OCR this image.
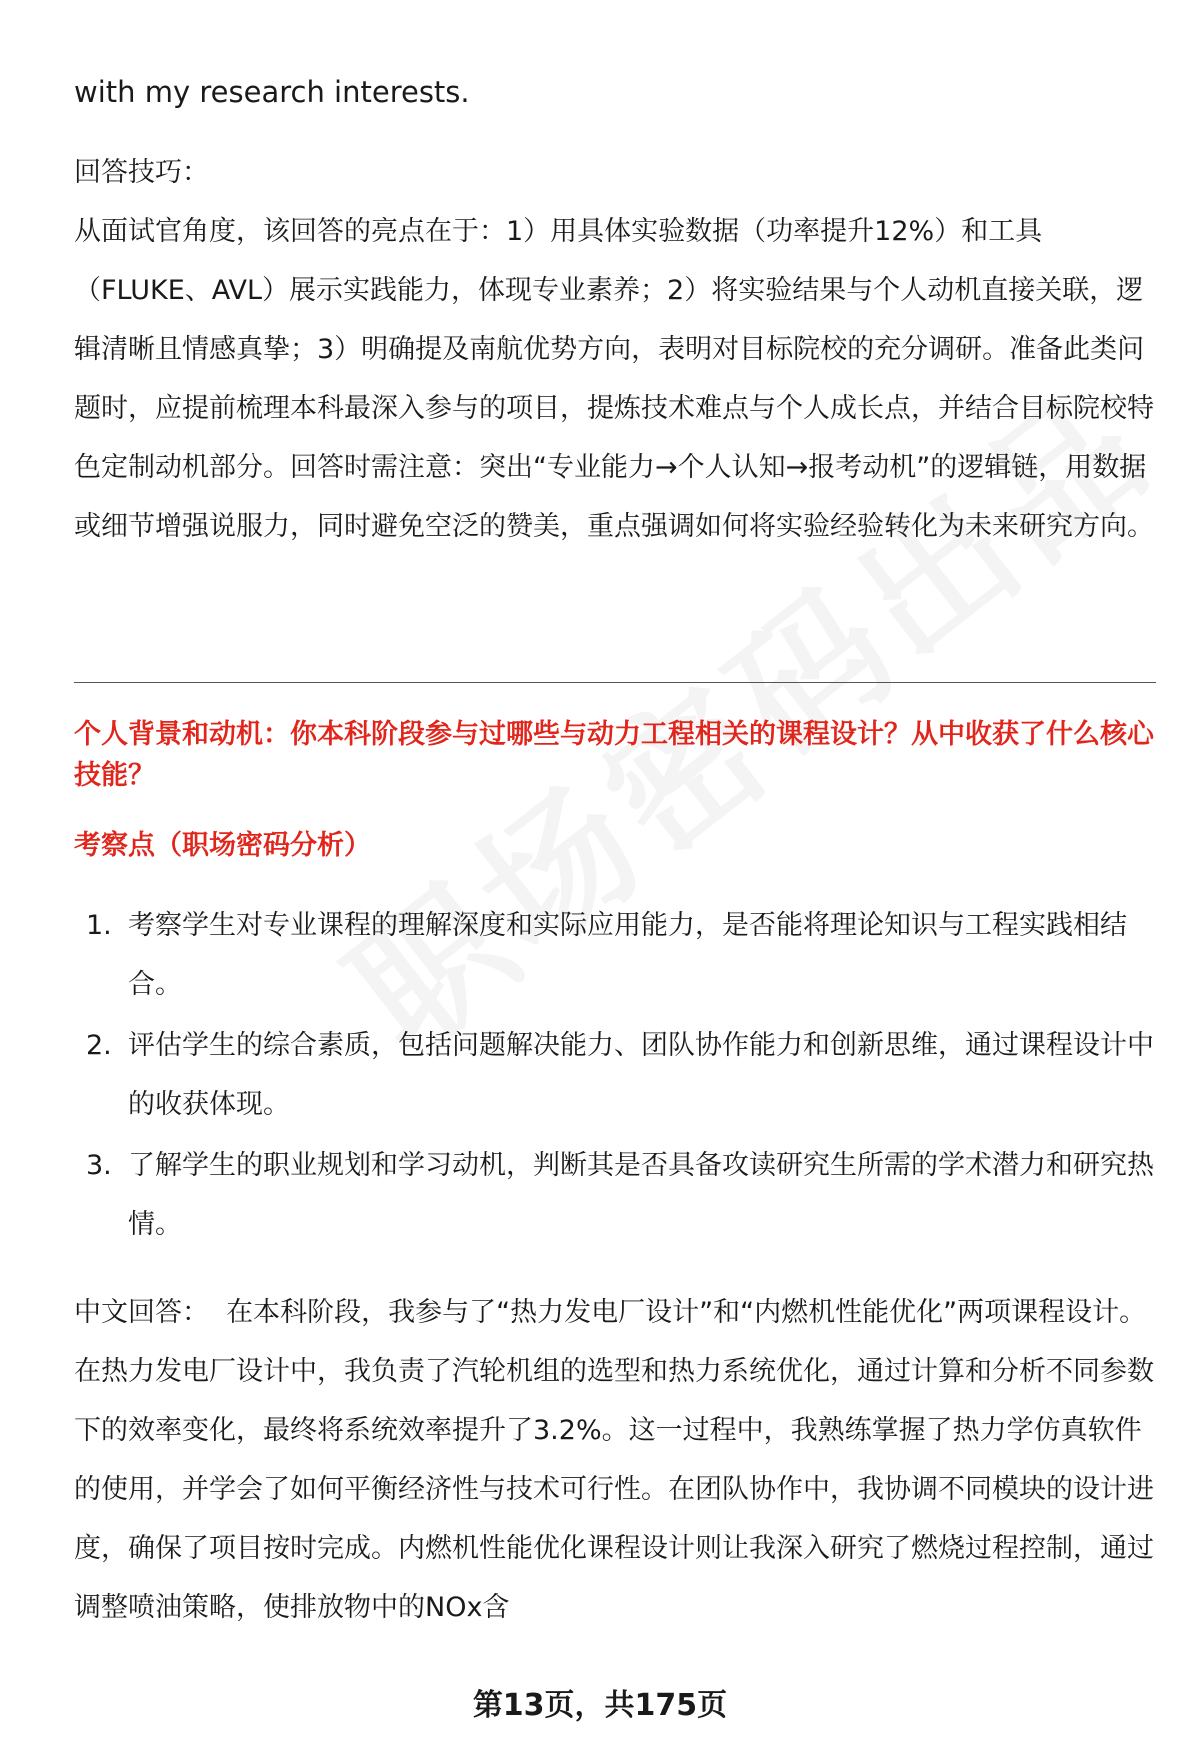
with my research interests.

回答技巧：

从面试官角度，该回答的亮点在于：1）用具体实验数据（功率提升12%）和工具（FLUKE、AVL）展示实践能力，体现专业素养；2）将实验结果与个人动机直接关联，逻辑清晰且情感真挚；3）明确提及南航优势方向，表明对目标院校的充分调研。准备此类问题时，应提前梳理本科最深入参与的项目，提炼技术难点与个人成长点，并结合目标院校特色定制动机部分。回答时需注意：突出“专业能力→个人认知→报考动机”的逻辑链，用数据或细节增强说服力，同时避免空泛的赞美，重点强调如何将实验经验转化为未来研究方向。

个人背景和动机：你本科阶段参与过哪些与动力工程相关的课程设计？从中收获了什么核心技能？

考察点（职场密码分析）

1. 考察学生对专业课程的理解深度和实际应用能力，是否能将理论知识与工程实践相结合。
2. 评估学生的综合素质，包括问题解决能力、团队协作能力和创新思维，通过课程设计中的收获体现。
3. 了解学生的职业规划和学习动机，判断其是否具备攻读研究生所需的学术潜力和研究热情。

中文回答： 在本科阶段，我参与了“热力发电厂设计”和“内燃机性能优化”两项课程设计。在热力发电厂设计中，我负责了汽轮机组的选型和热力系统优化，通过计算和分析不同参数下的效率变化，最终将系统效率提升了3.2%。这一过程中，我熟练掌握了热力学仿真软件的使用，并学会了如何平衡经济性与技术可行性。在团队协作中，我协调不同模块的设计进度，确保了项目按时完成。内燃机性能优化课程设计则让我深入研究了燃烧过程控制，通过调整喷油策略，使排放物中的NOx含

第13页，共175页
